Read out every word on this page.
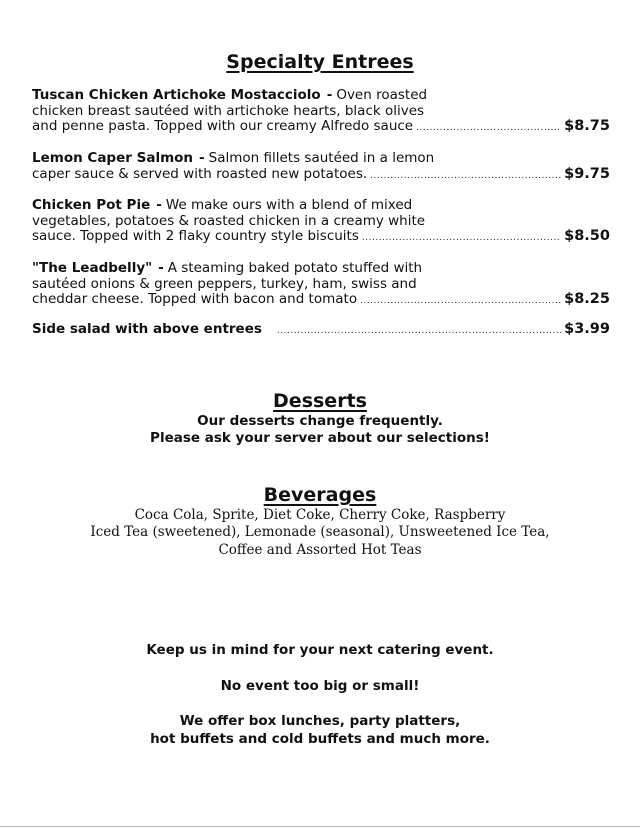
Specialty Entrees
Tuscan Chicken Artichoke Mostacciolo - Oven roasted
chicken breast sautéed with artichoke hearts, black olives
and penne pasta. Topped with our creamy Alfredo sauce .....	$8.75
Lemon Caper Salmon - Salmon fillets sautéed in a lemon
caper sauce & served with roasted new potatoes. .....	$9.75
Chicken Pot Pie - We make ours with a blend of mixed
vegetables, potatoes & roasted chicken in a creamy white
sauce. Topped with 2 flaky country style biscuits .....	$8.50
"The Leadbelly" - A steaming baked potato stuffed with
sautéed onions & green peppers, turkey, ham, swiss and
cheddar cheese. Topped with bacon and tomato .....	$8.25
Side salad with above entrees .....	$3.99
Desserts
Our desserts change frequently.
Please ask your server about our selections!
Beverages
Coca Cola, Sprite, Diet Coke, Cherry Coke, Raspberry
Iced Tea (sweetened), Lemonade (seasonal), Unsweetened Ice Tea,
Coffee and Assorted Hot Teas
Keep us in mind for your next catering event.
No event too big or small!
We offer box lunches, party platters,
hot buffets and cold buffets and much more.
